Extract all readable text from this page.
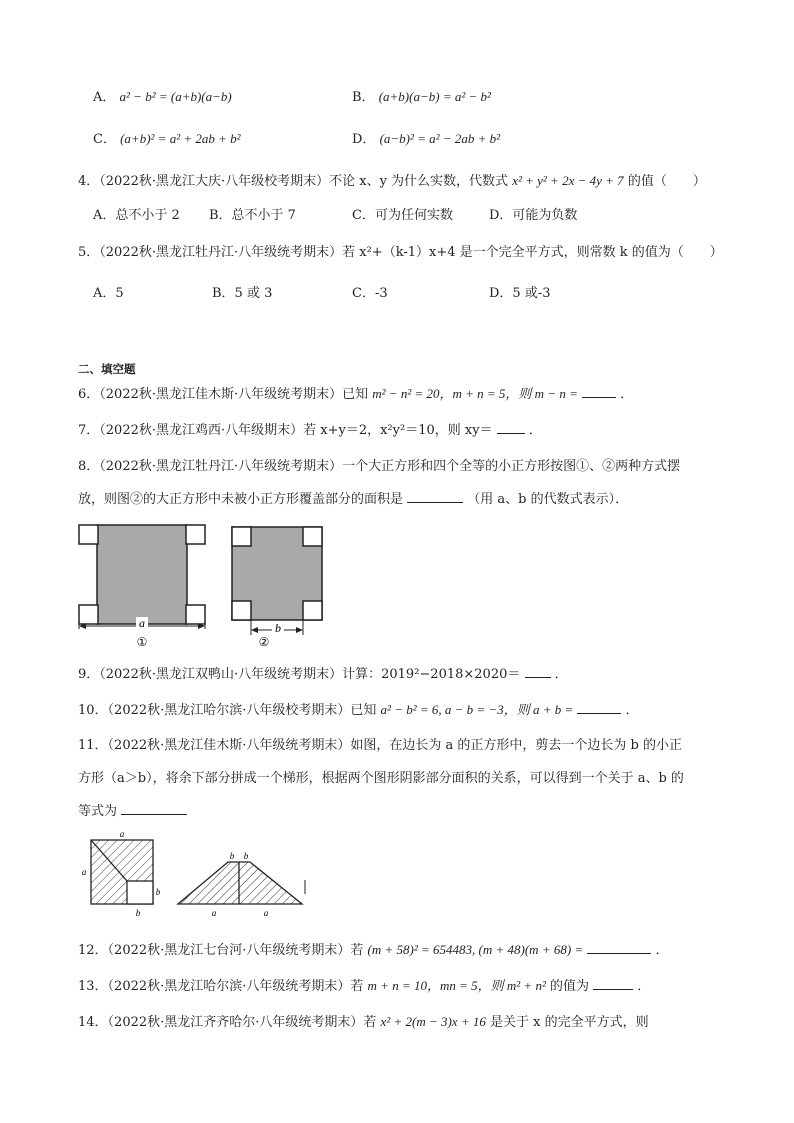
A． a² − b² = (a+b)(a−b)	B． (a+b)(a−b) = a² − b²
C． (a+b)² = a² + 2ab + b²	D． (a−b)² = a² − 2ab + b²
4．（2022秋·黑龙江大庆·八年级校考期末）不论 x、y 为什么实数，代数式 x² + y² + 2x − 4y + 7 的值（　　）
A．总不小于 2 B．总不小于 7	C．可为任何实数	D．可能为负数
5．（2022秋·黑龙江牡丹江·八年级统考期末）若 x²+（k-1）x+4 是一个完全平方式，则常数 k 的值为（　　）
A．5	B．5 或 3	C．-3	D．5 或-3
二、填空题
6．（2022秋·黑龙江佳木斯·八年级统考期末）已知 m² − n² = 20，m + n = 5，则 m − n =	．
7．（2022秋·黑龙江鸡西·八年级期末）若 x+y＝2，x²y²＝10，则 xy＝	．
8．（2022秋·黑龙江牡丹江·八年级统考期末）一个大正方形和四个全等的小正方形按图①、②两种方式摆
放，则图②的大正方形中未被小正方形覆盖部分的面积是	（用 a、b 的代数式表示）．
a
①
b
②
9．（2022秋·黑龙江双鸭山·八年级统考期末）计算：2019²−2018×2020＝	．
10．（2022秋·黑龙江哈尔滨·八年级校考期末）已知 a² − b² = 6, a − b = −3，则 a + b =	．
11．（2022秋·黑龙江佳木斯·八年级统考期末）如图，在边长为 a 的正方形中，剪去一个边长为 b 的小正
方形（a＞b），将余下部分拼成一个梯形，根据两个图形阴影部分面积的关系，可以得到一个关于 a、b 的
等式为
a
a
b
b
b b
a	a
12．（2022秋·黑龙江七台河·八年级统考期末）若 (m + 58)² = 654483, (m + 48)(m + 68) =	．
13．（2022秋·黑龙江哈尔滨·八年级统考期末）若 m + n = 10，mn = 5，则 m² + n² 的值为	．
14．（2022秋·黑龙江齐齐哈尔·八年级统考期末）若 x² + 2(m − 3)x + 16 是关于 x 的完全平方式，则
